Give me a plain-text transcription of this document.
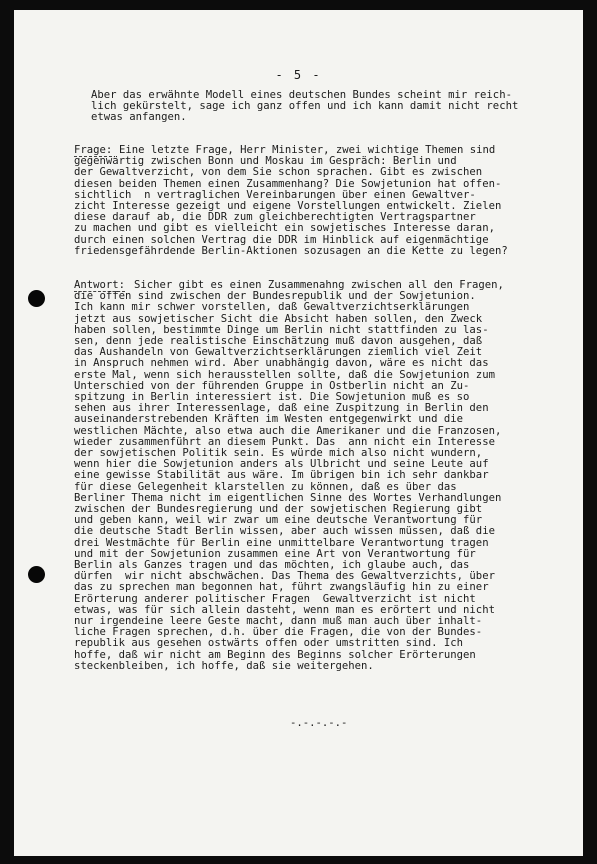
- 5 -
Aber das erwähnte Modell eines deutschen Bundes scheint mir reich-
lich gekürstelt, sage ich ganz offen und ich kann damit nicht recht
etwas anfangen.
Frage: Eine letzte Frage, Herr Minister, zwei wichtige Themen sind
gegenwärtig zwischen Bonn und Moskau im Gespräch: Berlin und
der Gewaltverzicht, von dem Sie schon sprachen. Gibt es zwischen
diesen beiden Themen einen Zusammenhang? Die Sowjetunion hat offen-
sichtlich  n vertraglichen Vereinbarungen über einen Gewaltver-
zicht Interesse gezeigt und eigene Vorstellungen entwickelt. Zielen
diese darauf ab, die DDR zum gleichberechtigten Vertragspartner
zu machen und gibt es vielleicht ein sowjetisches Interesse daran,
durch einen solchen Vertrag die DDR im Hinblick auf eigenmächtige
friedensgefährdende Berlin-Aktionen sozusagen an die Kette zu legen?
Antwort: Sicher gibt es einen Zusammenahng zwischen all den Fragen,
die offen sind zwischen der Bundesrepublik und der Sowjetunion.
Ich kann mir schwer vorstellen, daß Gewaltverzichtserklärungen
jetzt aus sowjetischer Sicht die Absicht haben sollen, den Zweck
haben sollen, bestimmte Dinge um Berlin nicht stattfinden zu las-
sen, denn jede realistische Einschätzung muß davon ausgehen, daß
das Aushandeln von Gewaltverzichtserklärungen ziemlich viel Zeit
in Anspruch nehmen wird. Aber unabhängig davon, wäre es nicht das
erste Mal, wenn sich herausstellen sollte, daß die Sowjetunion zum
Unterschied von der führenden Gruppe in Ostberlin nicht an Zu-
spitzung in Berlin interessiert ist. Die Sowjetunion muß es so
sehen aus ihrer Interessenlage, daß eine Zuspitzung in Berlin den
auseinanderstrebenden Kräften im Westen entgegenwirkt und die
westlichen Mächte, also etwa auch die Amerikaner und die Franzosen,
wieder zusammenführt an diesem Punkt. Das  ann nicht ein Interesse
der sowjetischen Politik sein. Es würde mich also nicht wundern,
wenn hier die Sowjetunion anders als Ulbricht und seine Leute auf
eine gewisse Stabilität aus wäre. Im übrigen bin ich sehr dankbar
für diese Gelegenheit klarstellen zu können, daß es über das
Berliner Thema nicht im eigentlichen Sinne des Wortes Verhandlungen
zwischen der Bundesregierung und der sowjetischen Regierung gibt
und geben kann, weil wir zwar um eine deutsche Verantwortung für
die deutsche Stadt Berlin wissen, aber auch wissen müssen, daß die
drei Westmächte für Berlin eine unmittelbare Verantwortung tragen
und mit der Sowjetunion zusammen eine Art von Verantwortung für
Berlin als Ganzes tragen und das möchten, ich glaube auch, das
dürfen  wir nicht abschwächen. Das Thema des Gewaltverzichts, über
das zu sprechen man begonnen hat, führt zwangsläufig hin zu einer
Erörterung anderer politischer Fragen  Gewaltverzicht ist nicht
etwas, was für sich allein dasteht, wenn man es erörtert und nicht
nur irgendeine leere Geste macht, dann muß man auch über inhalt-
liche Fragen sprechen, d.h. über die Fragen, die von der Bundes-
republik aus gesehen ostwärts offen oder umstritten sind. Ich
hoffe, daß wir nicht am Beginn des Beginns solcher Erörterungen
steckenbleiben, ich hoffe, daß sie weitergehen.
-.-.-.-.-
